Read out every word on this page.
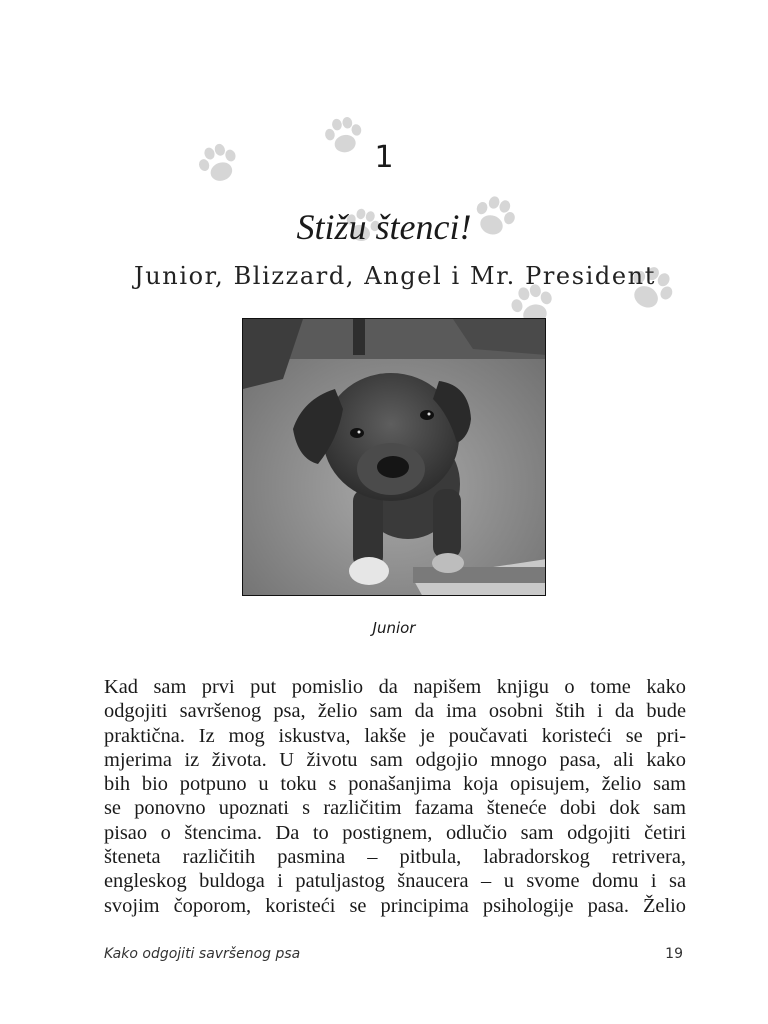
1
Stižu štenci!
Junior, Blizzard, Angel i Mr. President
Junior
Kad sam prvi put pomislio da napišem knjigu o tome kako
odgojiti savršenog psa, želio sam da ima osobni štih i da bude
praktična. Iz mog iskustva, lakše je poučavati koristeći se pri-
mjerima iz života. U životu sam odgojio mnogo pasa, ali kako
bih bio potpuno u toku s ponašanjima koja opisujem, želio sam
se ponovno upoznati s različitim fazama šteneće dobi dok sam
pisao o štencima. Da to postignem, odlučio sam odgojiti četiri
šteneta različitih pasmina – pitbula, labradorskog retrivera,
engleskog buldoga i patuljastog šnaucera – u svome domu i sa
svojim čoporom, koristeći se principima psihologije pasa. Želio
Kako odgojiti savršenog psa	19
